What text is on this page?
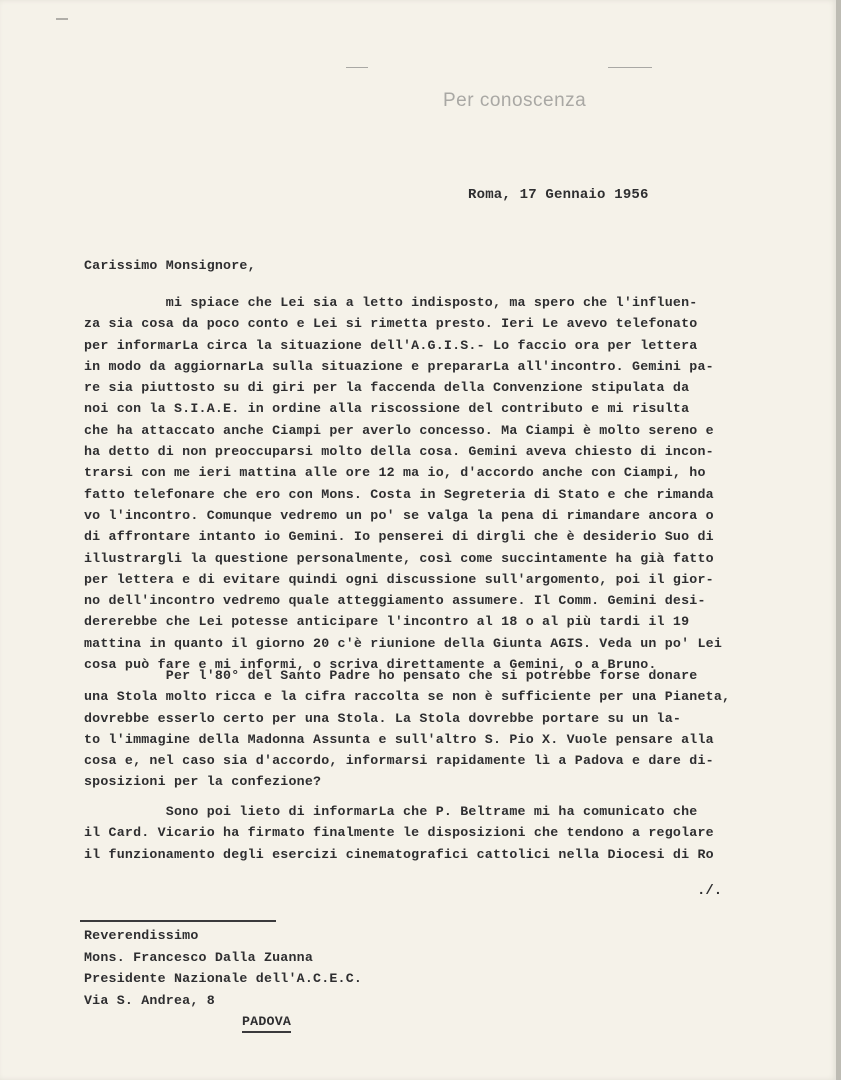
Per conoscenza
Roma, 17 Gennaio 1956
Carissimo Monsignore,
mi spiace che Lei sia a letto indisposto, ma spero che l'influen-
za sia cosa da poco conto e Lei si rimetta presto. Ieri Le avevo telefonato
per informarLa circa la situazione dell'A.G.I.S.- Lo faccio ora per lettera
in modo da aggiornarLa sulla situazione e prepararLa all'incontro. Gemini pa-
re sia piuttosto su di giri per la faccenda della Convenzione stipulata da
noi con la S.I.A.E. in ordine alla riscossione del contributo e mi risulta
che ha attaccato anche Ciampi per averlo concesso. Ma Ciampi è molto sereno e
ha detto di non preoccuparsi molto della cosa. Gemini aveva chiesto di incon-
trarsi con me ieri mattina alle ore 12 ma io, d'accordo anche con Ciampi, ho
fatto telefonare che ero con Mons. Costa in Segreteria di Stato e che rimanda
vo l'incontro. Comunque vedremo un po' se valga la pena di rimandare ancora o
di affrontare intanto io Gemini. Io penserei di dirgli che è desiderio Suo di
illustrargli la questione personalmente, così come succintamente ha già fatto
per lettera e di evitare quindi ogni discussione sull'argomento, poi il gior-
no dell'incontro vedremo quale atteggiamento assumere. Il Comm. Gemini desi-
dererebbe che Lei potesse anticipare l'incontro al 18 o al più tardi il 19
mattina in quanto il giorno 20 c'è riunione della Giunta AGIS. Veda un po' Lei
cosa può fare e mi informi, o scriva direttamente a Gemini, o a Bruno.
Per l'80° del Santo Padre ho pensato che si potrebbe forse donare
una Stola molto ricca e la cifra raccolta se non è sufficiente per una Pianeta,
dovrebbe esserlo certo per una Stola. La Stola dovrebbe portare su un la-
to l'immagine della Madonna Assunta e sull'altro S. Pio X. Vuole pensare alla
cosa e, nel caso sia d'accordo, informarsi rapidamente lì a Padova e dare di-
sposizioni per la confezione?
Sono poi lieto di informarLa che P. Beltrame mi ha comunicato che
il Card. Vicario ha firmato finalmente le disposizioni che tendono a regolare
il funzionamento degli esercizi cinematografici cattolici nella Diocesi di Ro
./.
Reverendissimo
Mons. Francesco Dalla Zuanna
Presidente Nazionale dell'A.C.E.C.
Via S. Andrea, 8
PADOVA
